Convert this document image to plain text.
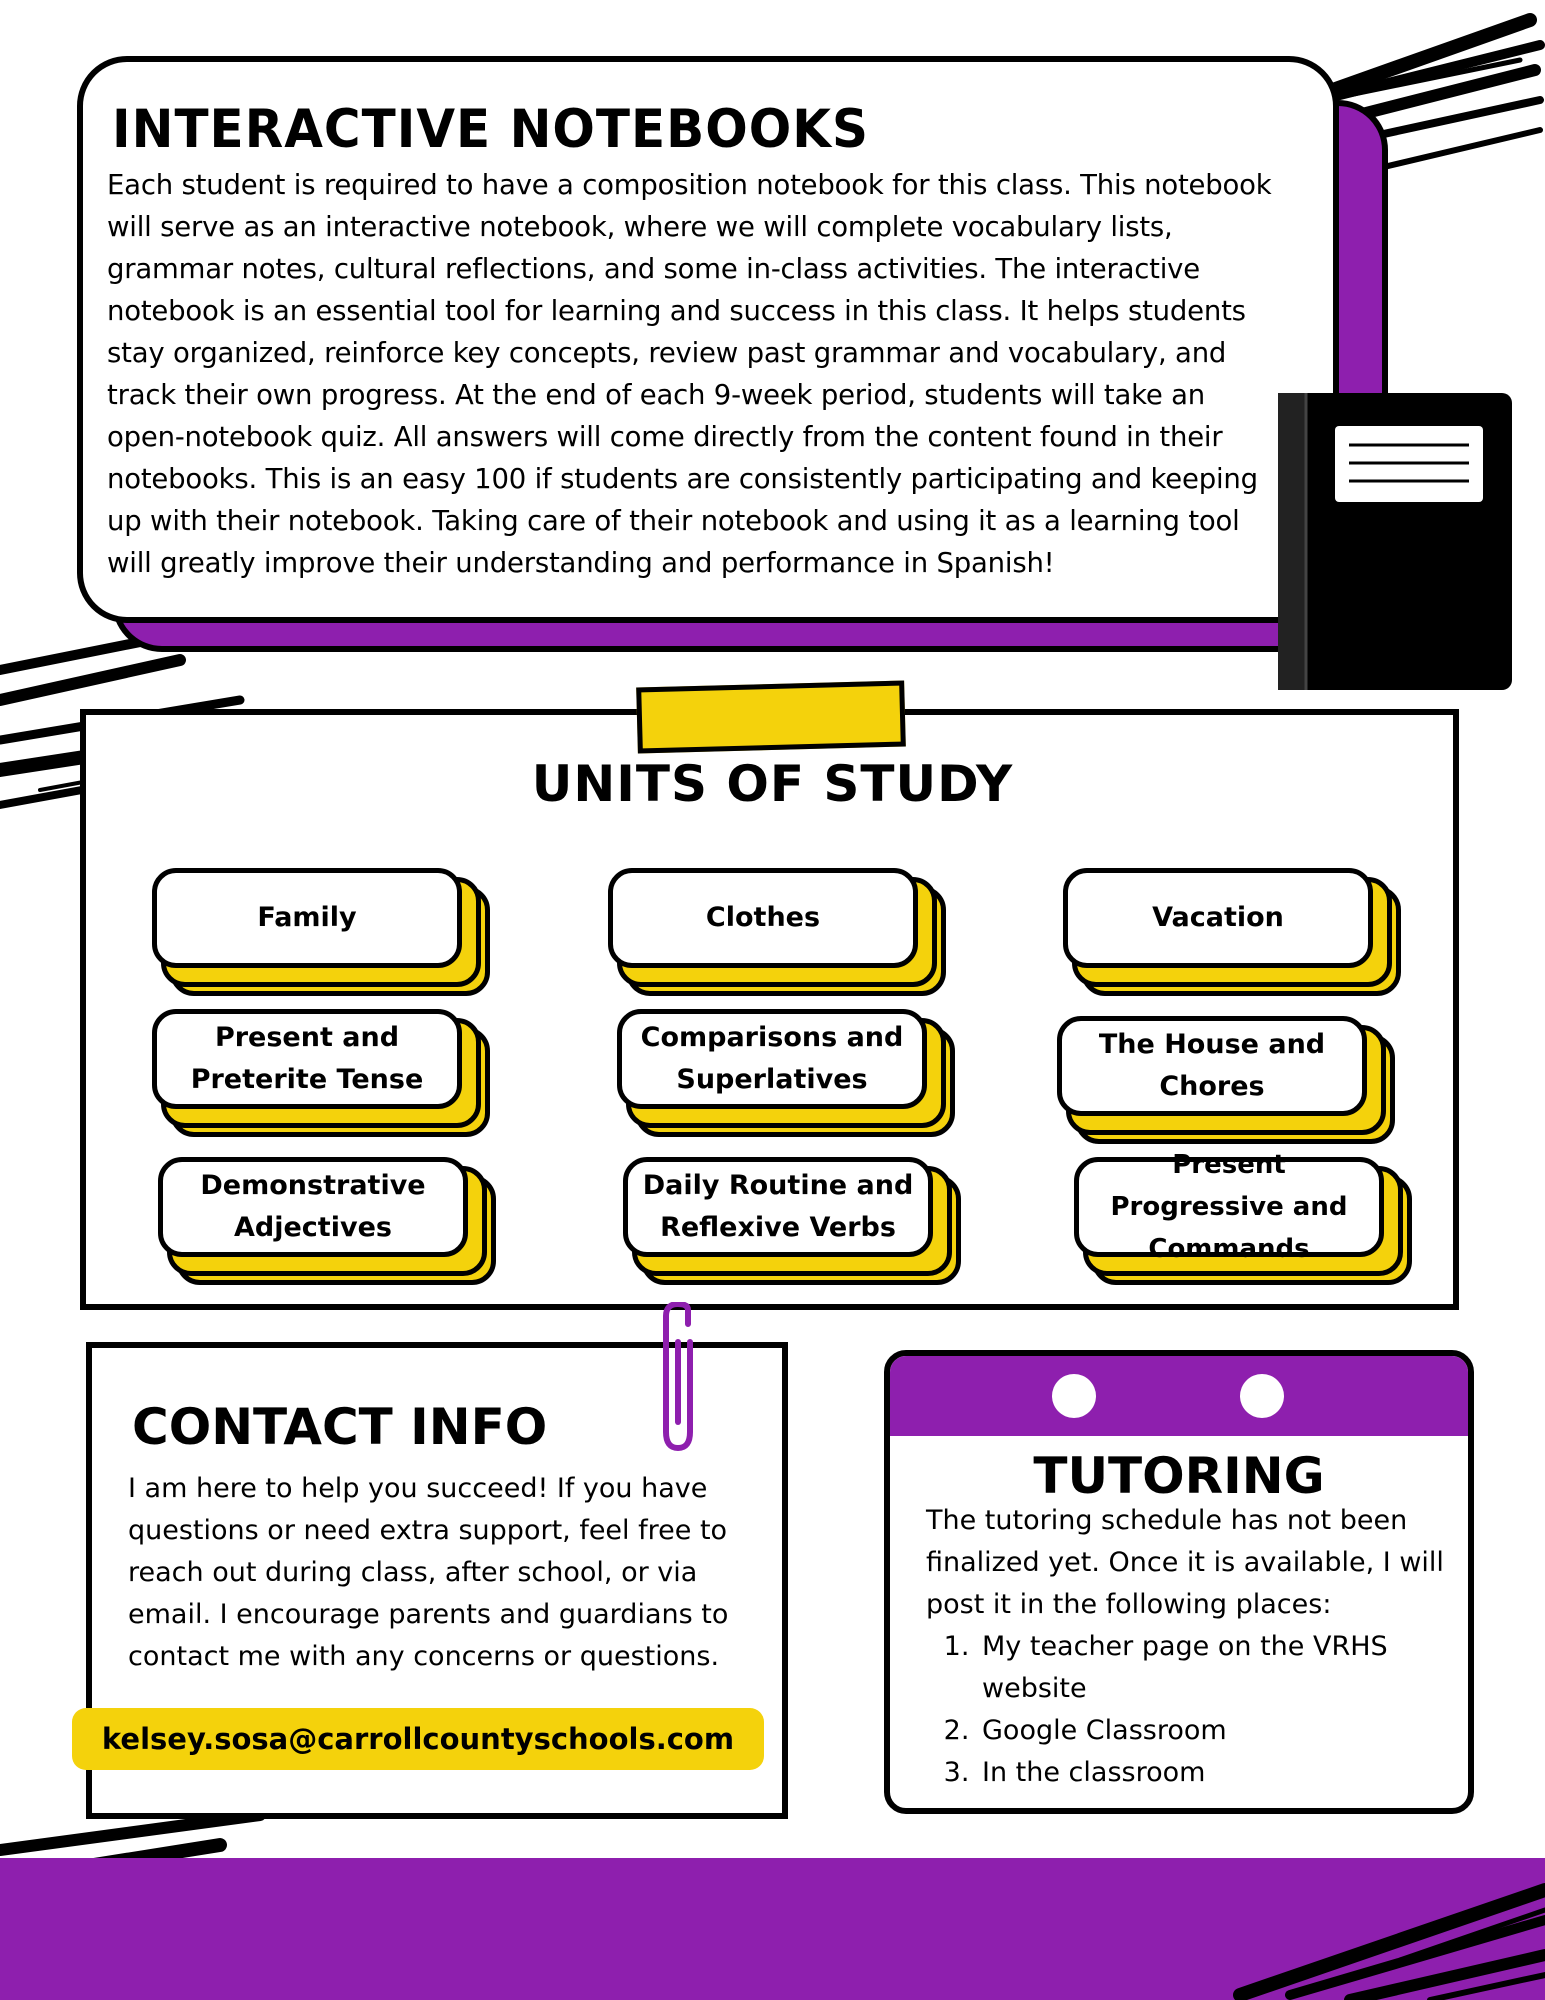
INTERACTIVE NOTEBOOKS
Each student is required to have a composition notebook for this class. This notebook will serve as an interactive notebook, where we will complete vocabulary lists, grammar notes, cultural reflections, and some in-class activities. The interactive notebook is an essential tool for learning and success in this class. It helps students stay organized, reinforce key concepts, review past grammar and vocabulary, and track their own progress. At the end of each 9-week period, students will take an open-notebook quiz. All answers will come directly from the content found in their notebooks. This is an easy 100 if students are consistently participating and keeping up with their notebook. Taking care of their notebook and using it as a learning tool will greatly improve their understanding and performance in Spanish!
UNITS OF STUDY
Family	Clothes	Vacation
Present and Preterite Tense
Comparisons and Superlatives
The House and Chores
Demonstrative Adjectives
Daily Routine and Reflexive Verbs
Present Progressive and Commands
CONTACT INFO
I am here to help you succeed! If you have questions or need extra support, feel free to reach out during class, after school, or via email. I encourage parents and guardians to contact me with any concerns or questions.
kelsey.sosa@carrollcountyschools.com
TUTORING
The tutoring schedule has not been finalized yet. Once it is available, I will post it in the following places:
1. My teacher page on the VRHS website
2. Google Classroom
3. In the classroom
